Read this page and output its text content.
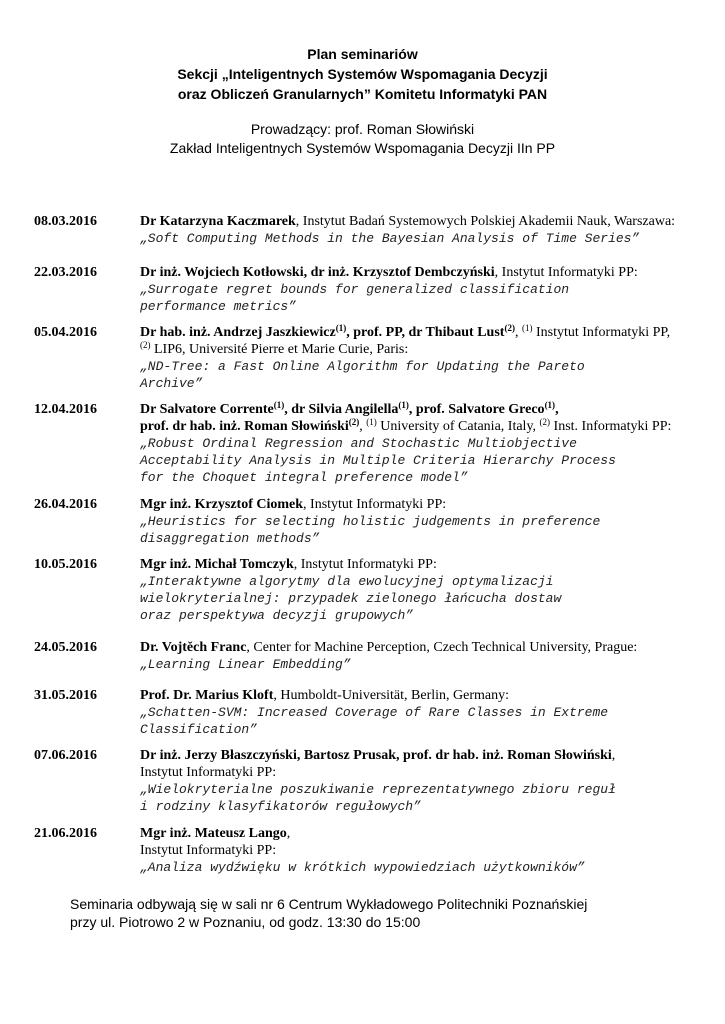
Plan seminariów
Sekcji „Inteligentnych Systemów Wspomagania Decyzji
oraz Obliczeń Granularnych” Komitetu Informatyki PAN
Prowadzący: prof. Roman Słowiński
Zakład Inteligentnych Systemów Wspomagania Decyzji IIn PP
08.03.2016	Dr Katarzyna Kaczmarek, Instytut Badań Systemowych Polskiej Akademii Nauk, Warszawa:
„Soft Computing Methods in the Bayesian Analysis of Time Series”
22.03.2016	Dr inż. Wojciech Kotłowski, dr inż. Krzysztof Dembczyński, Instytut Informatyki PP:
„Surrogate regret bounds for generalized classification
performance metrics”
05.04.2016	Dr hab. inż. Andrzej Jaszkiewicz$^{(1)}$, prof. PP, dr Thibaut Lust$^{(2)}$, $^{(1)}$ Instytut Informatyki PP,
$^{(2)}$ LIP6, Université Pierre et Marie Curie, Paris:
„ND-Tree: a Fast Online Algorithm for Updating the Pareto
Archive”
12.04.2016	Dr Salvatore Corrente$^{(1)}$, dr Silvia Angilella$^{(1)}$, prof. Salvatore Greco$^{(1)}$,
prof. dr hab. inż. Roman Słowiński$^{(2)}$, $^{(1)}$ University of Catania, Italy, $^{(2)}$ Inst. Informatyki PP:
„Robust Ordinal Regression and Stochastic Multiobjective
Acceptability Analysis in Multiple Criteria Hierarchy Process
for the Choquet integral preference model”
26.04.2016	Mgr inż. Krzysztof Ciomek, Instytut Informatyki PP:
„Heuristics for selecting holistic judgements in preference
disaggregation methods”
10.05.2016	Mgr inż. Michał Tomczyk, Instytut Informatyki PP:
„Interaktywne algorytmy dla ewolucyjnej optymalizacji
wielokryterialnej: przypadek zielonego łańcucha dostaw
oraz perspektywa decyzji grupowych”
24.05.2016	Dr. Vojtěch Franc, Center for Machine Perception, Czech Technical University, Prague:
„Learning Linear Embedding”
31.05.2016	Prof. Dr. Marius Kloft, Humboldt-Universität, Berlin, Germany:
„Schatten-SVM: Increased Coverage of Rare Classes in Extreme
Classification”
07.06.2016	Dr inż. Jerzy Błaszczyński, Bartosz Prusak, prof. dr hab. inż. Roman Słowiński,
Instytut Informatyki PP:
„Wielokryterialne poszukiwanie reprezentatywnego zbioru reguł
i rodziny klasyfikatorów regułowych”
21.06.2016	Mgr inż. Mateusz Lango,
Instytut Informatyki PP:
„Analiza wydźwięku w krótkich wypowiedziach użytkowników”
Seminaria odbywają się w sali nr 6 Centrum Wykładowego Politechniki Poznańskiej
przy ul. Piotrowo 2 w Poznaniu, od godz. 13:30 do 15:00
